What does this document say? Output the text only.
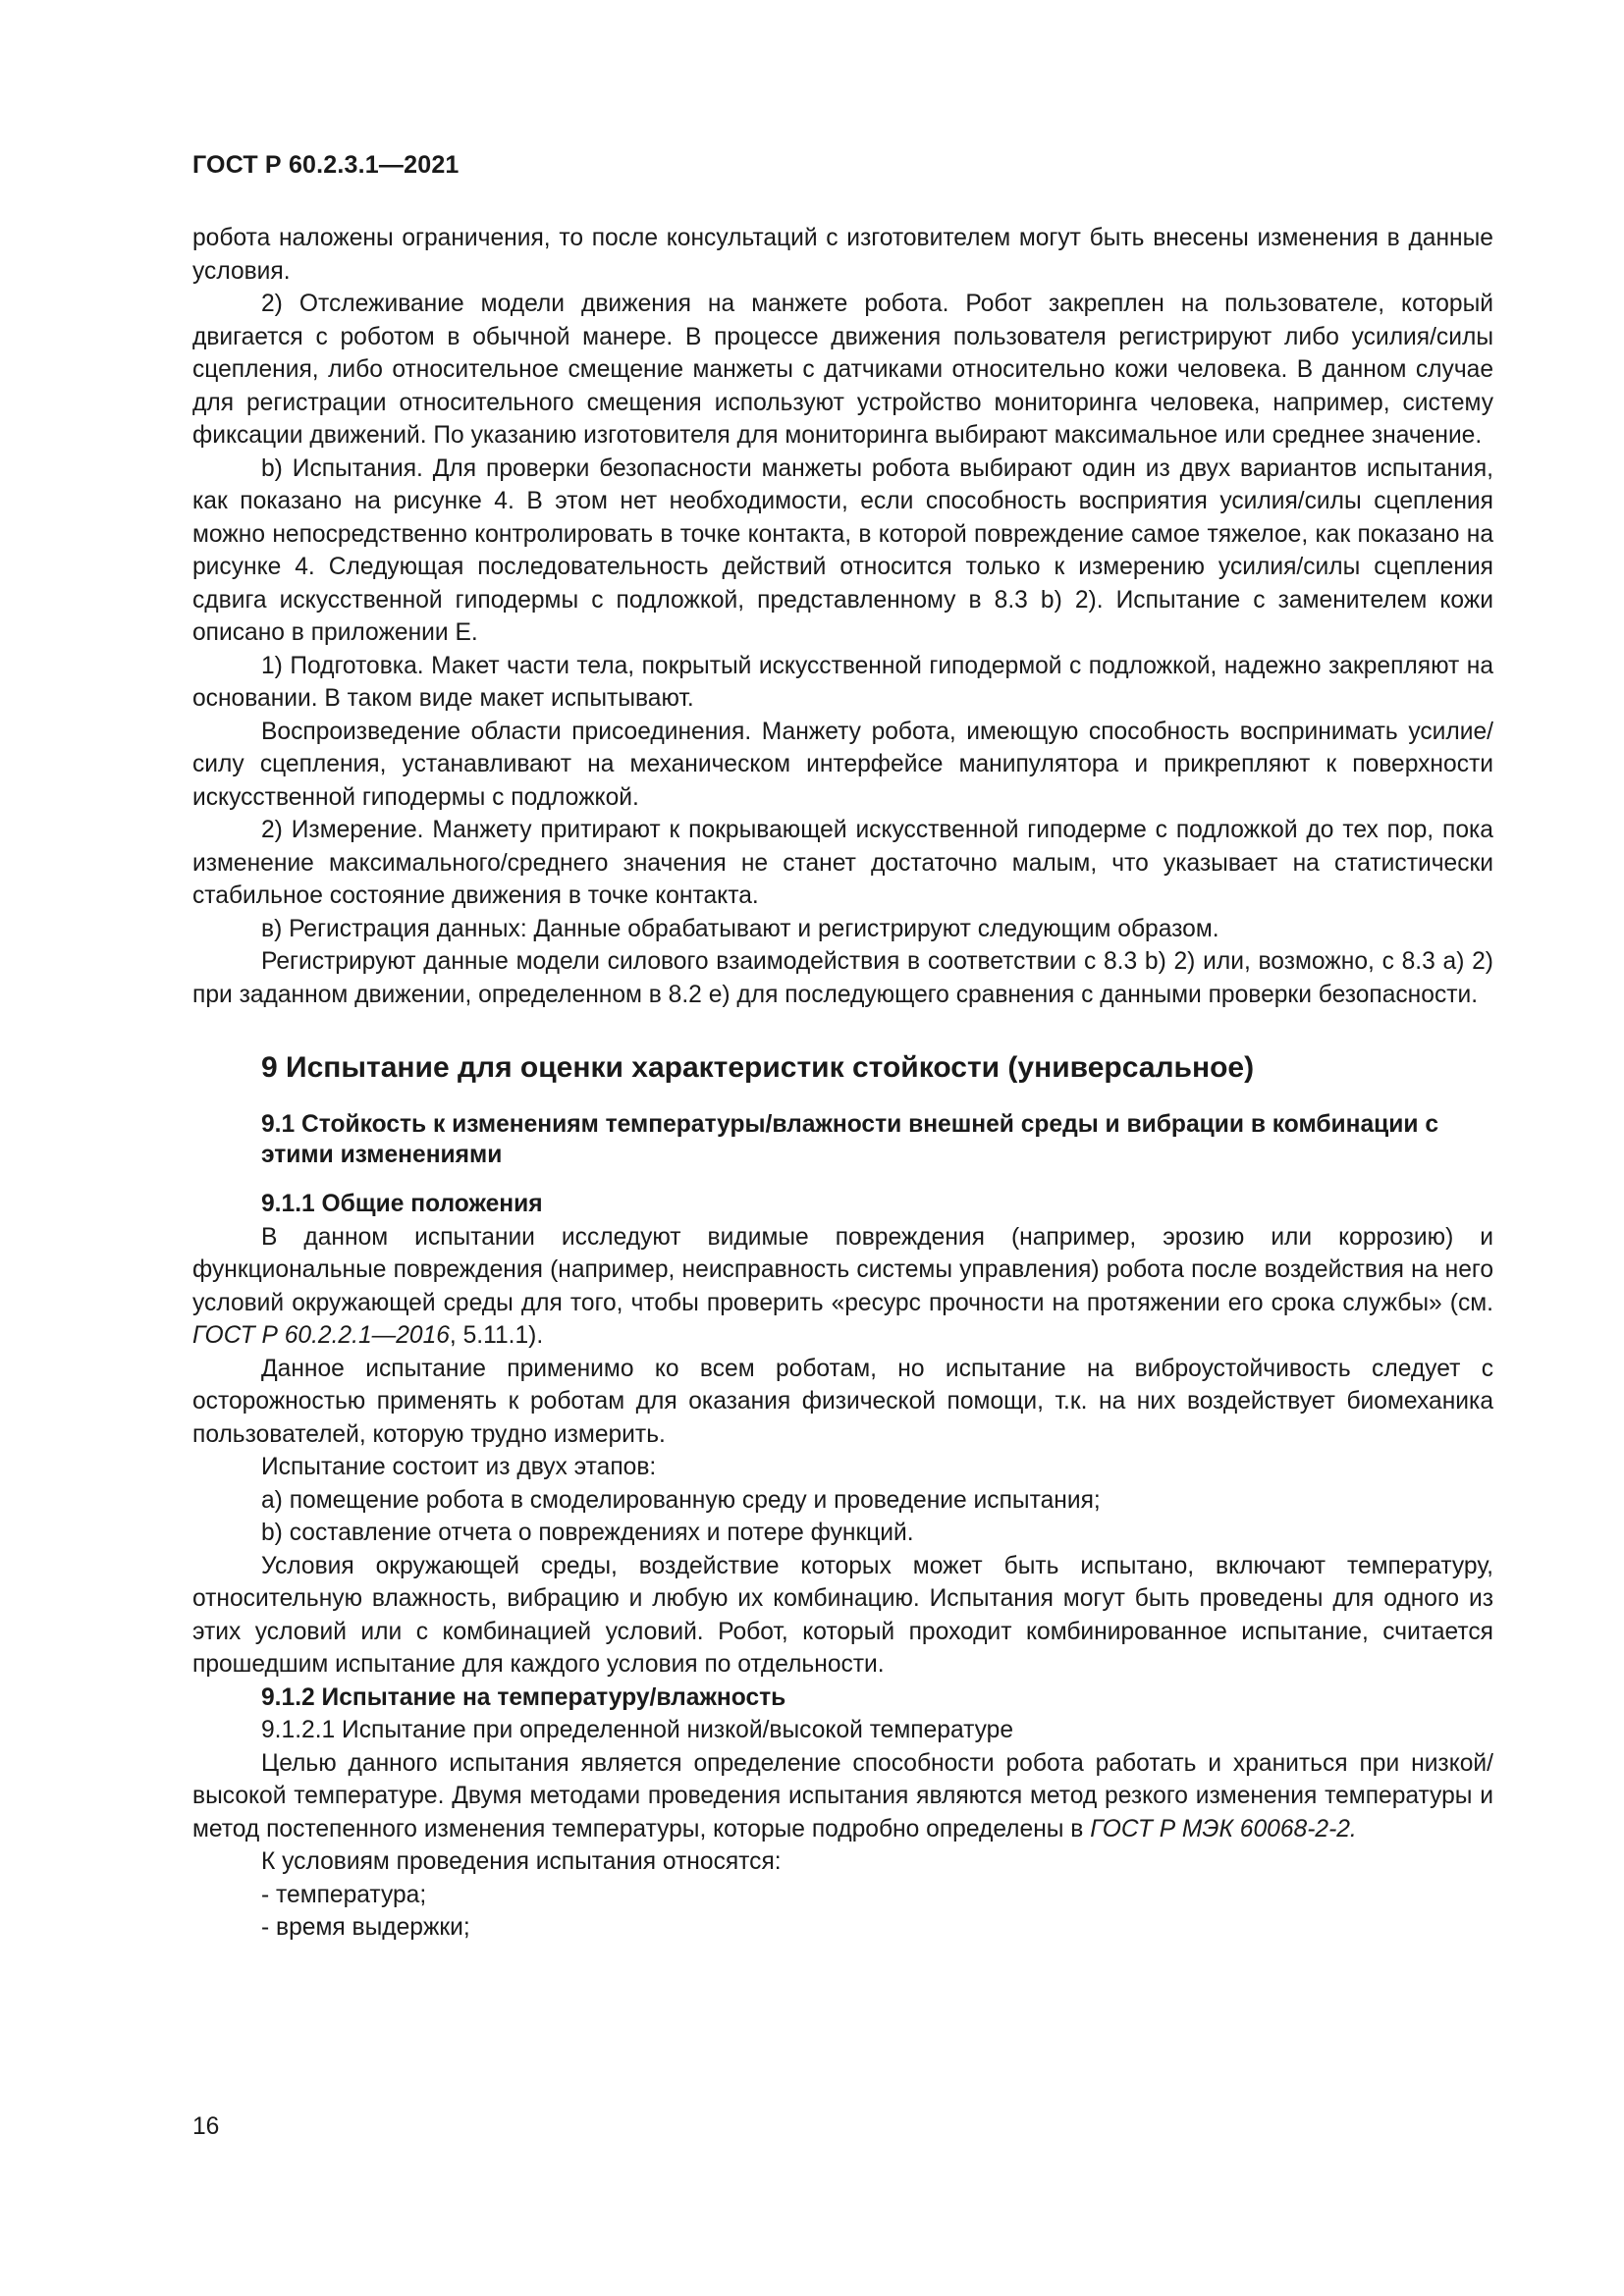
ГОСТ Р 60.2.3.1—2021

робота наложены ограничения, то после консультаций с изготовителем могут быть внесены изменения в данные условия.

2) Отслеживание модели движения на манжете робота. Робот закреплен на пользователе, который двигается с роботом в обычной манере. В процессе движения пользователя регистрируют либо усилия/силы сцепления, либо относительное смещение манжеты с датчиками относительно кожи человека. В данном случае для регистрации относительного смещения используют устройство мониторинга человека, например, систему фиксации движений. По указанию изготовителя для мониторинга выбирают максимальное или среднее значение.

b) Испытания. Для проверки безопасности манжеты робота выбирают один из двух вариантов испытания, как показано на рисунке 4. В этом нет необходимости, если способность восприятия усилия/силы сцепления можно непосредственно контролировать в точке контакта, в которой повреждение самое тяжелое, как показано на рисунке 4. Следующая последовательность действий относится только к измерению усилия/силы сцепления сдвига искусственной гиподермы с подложкой, представленному в 8.3 b) 2). Испытание с заменителем кожи описано в приложении Е.

1) Подготовка. Макет части тела, покрытый искусственной гиподермой с подложкой, надежно закрепляют на основании. В таком виде макет испытывают.

Воспроизведение области присоединения. Манжету робота, имеющую способность воспринимать усилие/силу сцепления, устанавливают на механическом интерфейсе манипулятора и прикрепляют к поверхности искусственной гиподермы с подложкой.

2) Измерение. Манжету притирают к покрывающей искусственной гиподерме с подложкой до тех пор, пока изменение максимального/среднего значения не станет достаточно малым, что указывает на статистически стабильное состояние движения в точке контакта.

в) Регистрация данных: Данные обрабатывают и регистрируют следующим образом.

Регистрируют данные модели силового взаимодействия в соответствии с 8.3 b) 2) или, возможно, с 8.3 а) 2) при заданном движении, определенном в 8.2 е) для последующего сравнения с данными проверки безопасности.

9 Испытание для оценки характеристик стойкости (универсальное)
9.1 Стойкость к изменениям температуры/влажности внешней среды и вибрации в комбинации с этими изменениями

9.1.1 Общие положения

В данном испытании исследуют видимые повреждения (например, эрозию или коррозию) и функциональные повреждения (например, неисправность системы управления) робота после воздействия на него условий окружающей среды для того, чтобы проверить «ресурс прочности на протяжении его срока службы» (см. ГОСТ Р 60.2.2.1—2016, 5.11.1).

Данное испытание применимо ко всем роботам, но испытание на виброустойчивость следует с осторожностью применять к роботам для оказания физической помощи, т.к. на них воздействует биомеханика пользователей, которую трудно измерить.

Испытание состоит из двух этапов:

а) помещение робота в смоделированную среду и проведение испытания;

b) составление отчета о повреждениях и потере функций.

Условия окружающей среды, воздействие которых может быть испытано, включают температуру, относительную влажность, вибрацию и любую их комбинацию. Испытания могут быть проведены для одного из этих условий или с комбинацией условий. Робот, который проходит комбинированное испытание, считается прошедшим испытание для каждого условия по отдельности.

9.1.2 Испытание на температуру/влажность

9.1.2.1 Испытание при определенной низкой/высокой температуре

Целью данного испытания является определение способности робота работать и храниться при низкой/высокой температуре. Двумя методами проведения испытания являются метод резкого изменения температуры и метод постепенного изменения температуры, которые подробно определены в ГОСТ Р МЭК 60068-2-2.

К условиям проведения испытания относятся:

- температура;

- время выдержки;

16
